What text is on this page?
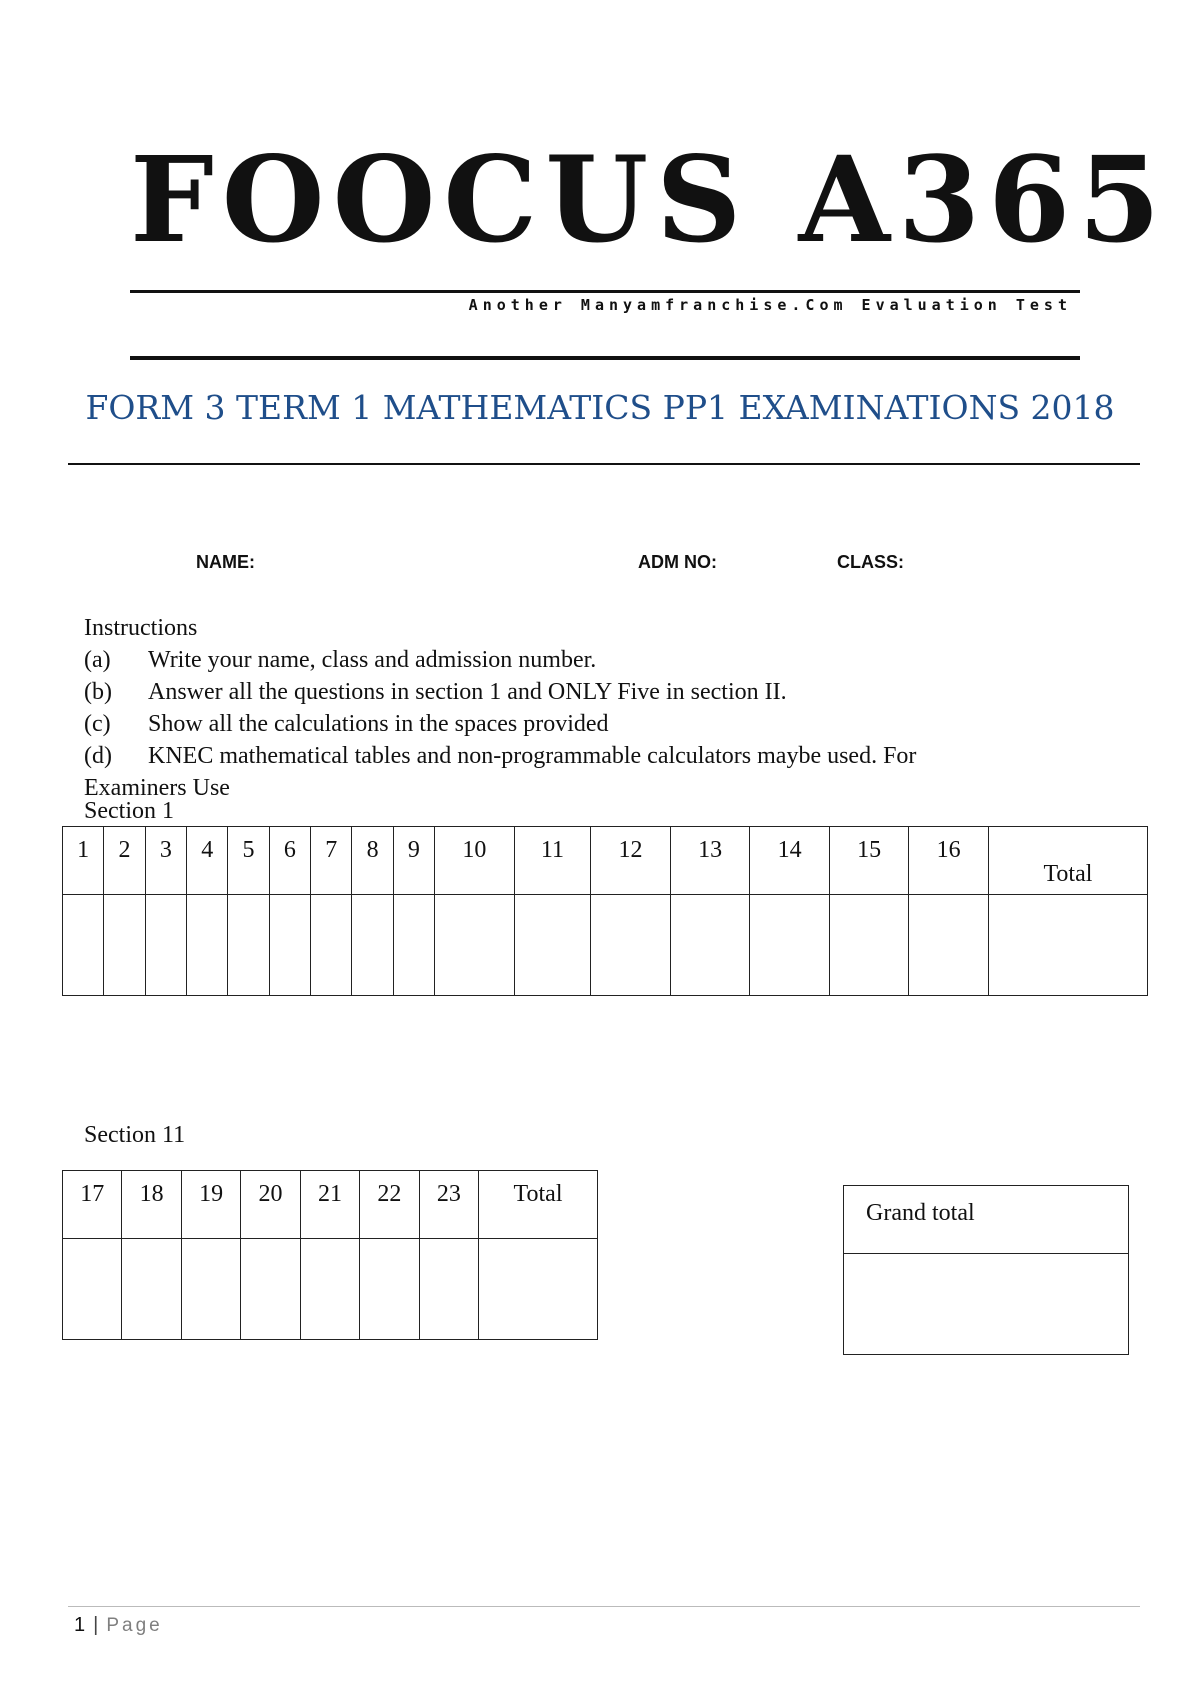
FOOCUS A365
Another Manyamfranchise.Com Evaluation Test
FORM 3 TERM 1 MATHEMATICS PP1 EXAMINATIONS 2018
NAME:	ADM NO:	CLASS:
Instructions
(a) Write your name, class and admission number.
(b) Answer all the questions in section 1 and ONLY Five in section II.
(c) Show all the calculations in the spaces provided
(d) KNEC mathematical tables and non-programmable calculators maybe used. For
Examiners Use
Section 1
1	2	3	4	5	6	7	8	9	10	11	12	13	14	15	16	Total

Section 11
17	18	19	20	21	22	23	Total

Grand total

1 | Page
